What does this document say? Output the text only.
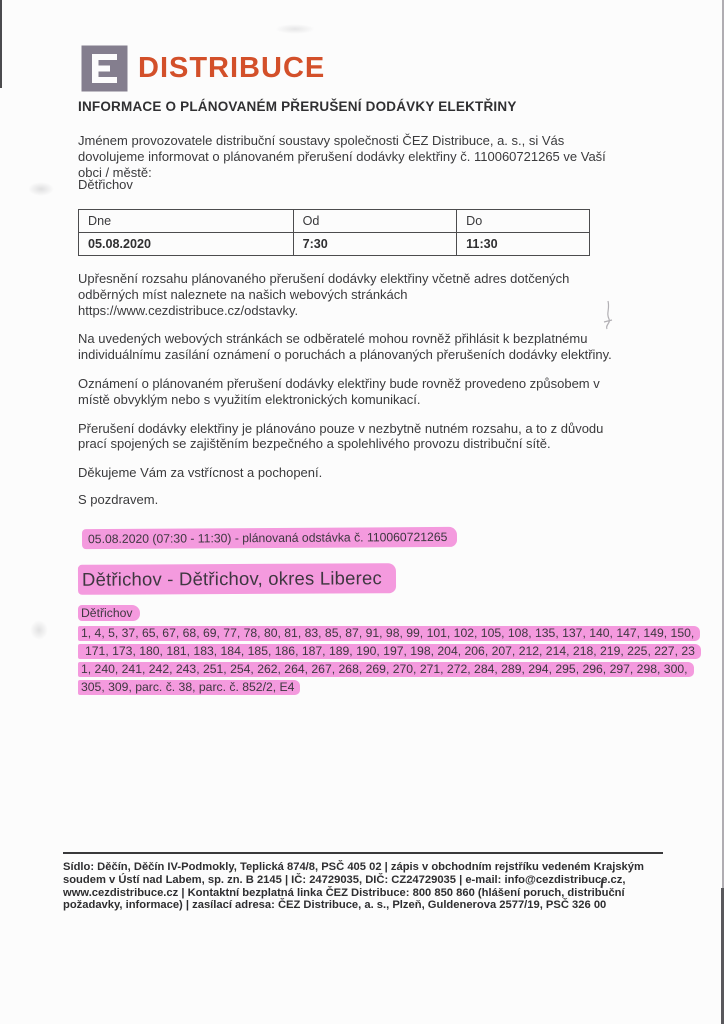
DISTRIBUCE
INFORMACE O PLÁNOVANÉM PŘERUŠENÍ DODÁVKY ELEKTŘINY

Jménem provozovatele distribuční soustavy společnosti ČEZ Distribuce, a. s., si Vás dovolujeme informovat o plánovaném přerušení dodávky elektřiny č. 110060721265 ve Vaší obci / městě:

Dětřichov
Dne	Od	Do
05.08.2020	7:30	11:30

Upřesnění rozsahu plánovaného přerušení dodávky elektřiny včetně adres dotčených odběrných míst naleznete na našich webových stránkách https://www.cezdistribuce.cz/odstavky.

Na uvedených webových stránkách se odběratelé mohou rovněž přihlásit k bezplatnému individuálnímu zasílání oznámení o poruchách a plánovaných přerušeních dodávky elektřiny.

Oznámení o plánovaném přerušení dodávky elektřiny bude rovněž provedeno způsobem v místě obvyklým nebo s využitím elektronických komunikací.

Přerušení dodávky elektřiny je plánováno pouze v nezbytně nutném rozsahu, a to z důvodu prací spojených se zajištěním bezpečného a spolehlivého provozu distribuční sítě.

Děkujeme Vám za vstřícnost a pochopení.

S pozdravem.

05.08.2020 (07:30 - 11:30) - plánovaná odstávka č. 110060721265
Dětřichov - Dětřichov, okres Liberec
Dětřichov
1, 4, 5, 37, 65, 67, 68, 69, 77, 78, 80, 81, 83, 85, 87, 91, 98, 99, 101, 102, 105, 108, 135, 137, 140, 147, 149, 150,
171, 173, 180, 181, 183, 184, 185, 186, 187, 189, 190, 197, 198, 204, 206, 207, 212, 214, 218, 219, 225, 227, 23
1, 240, 241, 242, 243, 251, 254, 262, 264, 267, 268, 269, 270, 271, 272, 284, 289, 294, 295, 296, 297, 298, 300,
305, 309, parc. č. 38, parc. č. 852/2, E4

Sídlo: Děčín, Děčín IV-Podmokly, Teplická 874/8, PSČ 405 02 | zápis v obchodním rejstříku vedeném Krajským soudem v Ústí nad Labem, sp. zn. B 2145 | IČ: 24729035, DIČ: CZ24729035 | e-mail: info@cezdistribuce.cz, www.cezdistribuce.cz | Kontaktní bezplatná linka ČEZ Distribuce: 800 850 860 (hlášení poruch, distribuční požadavky, informace) | zasílací adresa: ČEZ Distribuce, a. s., Plzeň, Guldenerova 2577/19, PSČ 326 00
